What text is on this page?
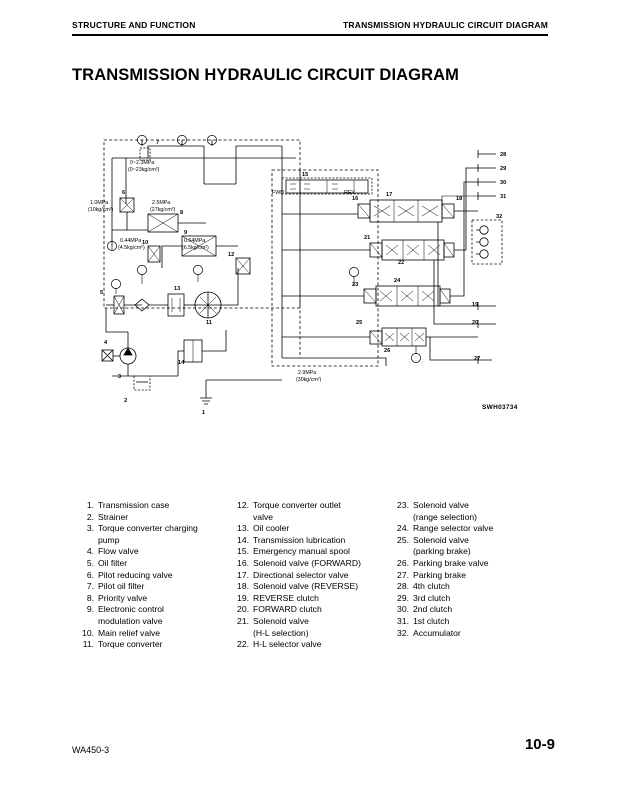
STRUCTURE AND FUNCTION	TRANSMISSION HYDRAULIC CIRCUIT DIAGRAM
TRANSMISSION HYDRAULIC CIRCUIT DIAGRAM
0~2.3MPa
(0~23kg/cm²)
1.0MPa
(10kg/cm²)
2.5MPa
(27kg/cm²)
0.44MPa
(4.5kg/cm²)
0.64MPa
(6.5kg/cm²)
2.9MPa
(30kg/cm²)
FWD	REV
2
3
4
5
6
7
8
9
10
11
12
13
14
15
16
17
18
19
20
21
22
23
24
25
26
27
28
29
30
31
32
1
SWH03734
1. Transmission case
2. Strainer
3. Torque converter charging
pump
4. Flow valve
5. Oil filter
6. Pilot reducing valve
7. Pilot oil filter
8. Priority valve
9. Electronic control
modulation valve
10. Main relief valve
11. Torque converter
12. Torque converter outlet
valve
13. Oil cooler
14. Transmission lubrication
15. Emergency manual spool
16. Solenoid valve (FORWARD)
17. Directional selector valve
18. Solenoid valve (REVERSE)
19. REVERSE clutch
20. FORWARD clutch
21. Solenoid valve
(H-L selection)
22. H-L selector valve
23. Solenoid valve
(range selection)
24. Range selector valve
25. Solenoid valve
(parking brake)
26. Parking brake valve
27. Parking brake
28. 4th clutch
29. 3rd clutch
30. 2nd clutch
31. 1st clutch
32. Accumulator
WA450-3	10-9
